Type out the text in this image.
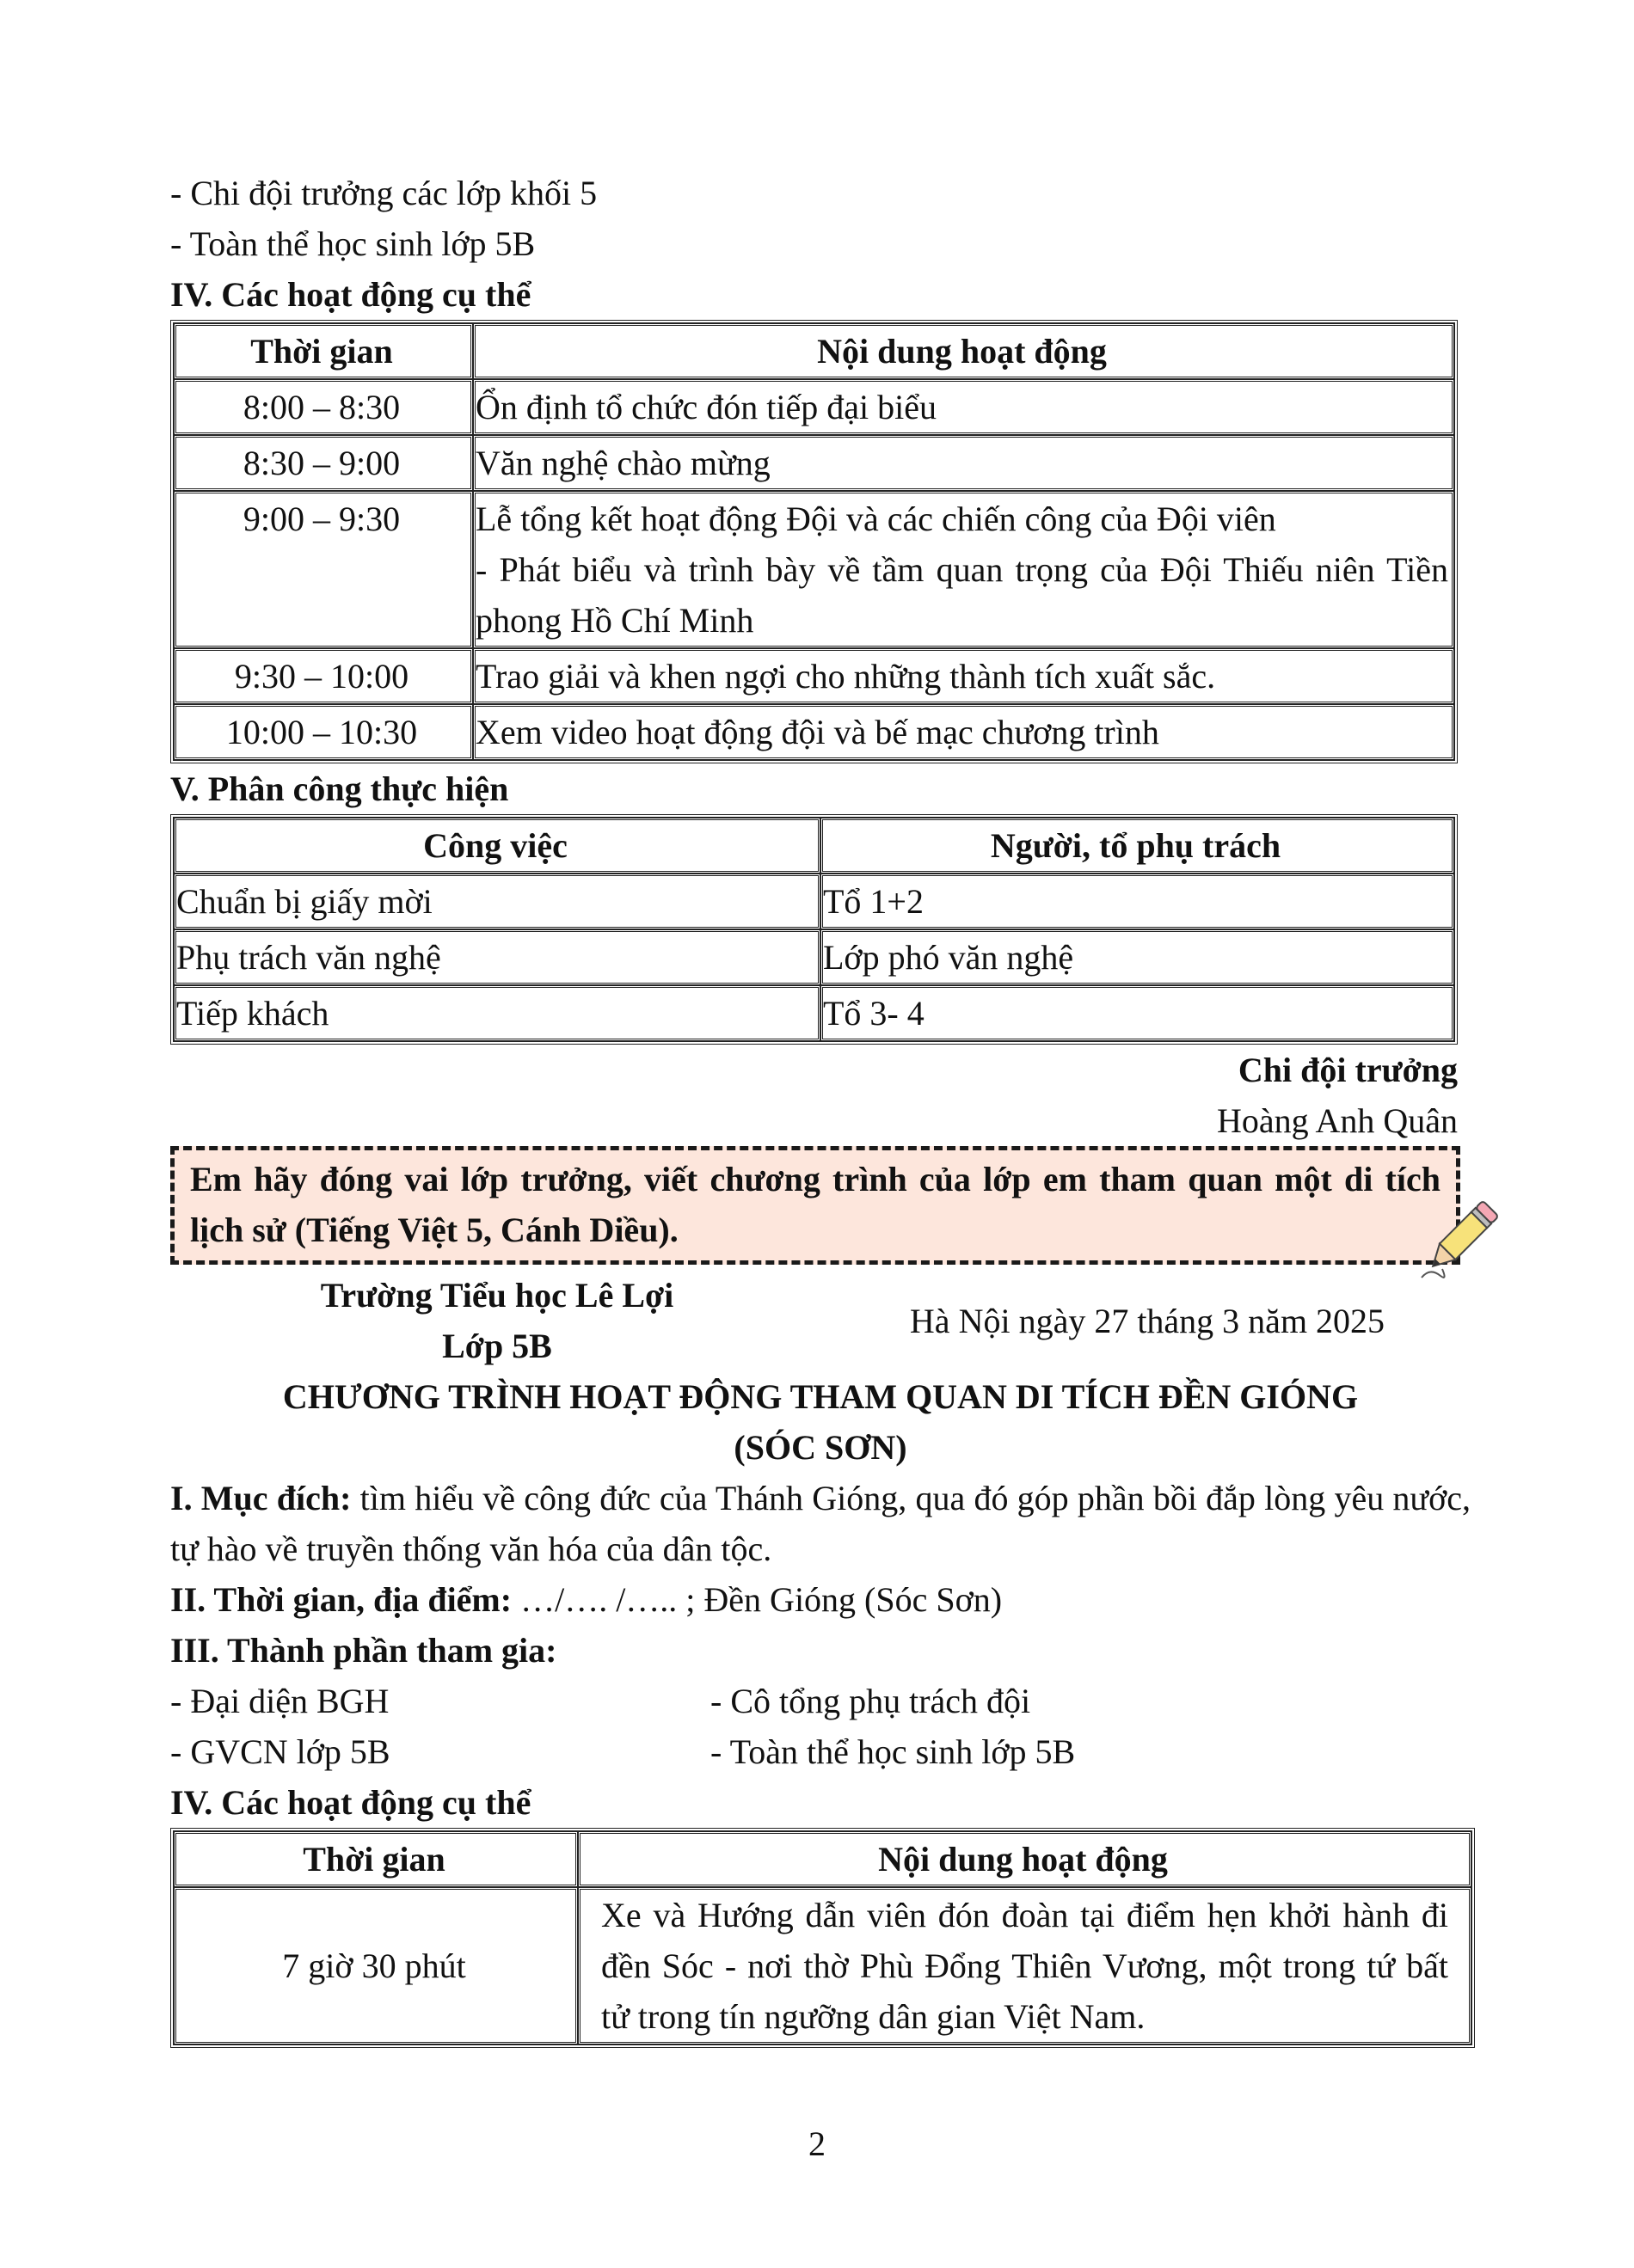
- Chi đội trưởng các lớp khối 5
- Toàn thể học sinh lớp 5B
IV. Các hoạt động cụ thể
Thời gian	Nội dung hoạt động
8:00 – 8:30	Ổn định tổ chức đón tiếp đại biểu
8:30 – 9:00	Văn nghệ chào mừng
9:00 – 9:30	Lễ tổng kết hoạt động Đội và các chiến công của Đội viên
- Phát biểu và trình bày về tầm quan trọng của Đội Thiếu niên Tiền phong Hồ Chí Minh

9:30 – 10:00	Trao giải và khen ngợi cho những thành tích xuất sắc.
10:00 – 10:30	Xem video hoạt động đội và bế mạc chương trình
V. Phân công thực hiện
Công việc	Người, tổ phụ trách
Chuẩn bị giấy mời	Tổ 1+2
Phụ trách văn nghệ	Lớp phó văn nghệ
Tiếp khách	Tổ 3- 4
Chi đội trưởng
Hoàng Anh Quân
Em hãy đóng vai lớp trưởng, viết chương trình của lớp em tham quan một di tích lịch sử (Tiếng Việt 5, Cánh Diều).
Trường Tiểu học Lê Lợi
Lớp 5B
Hà Nội ngày 27 tháng 3 năm 2025
CHƯƠNG TRÌNH HOẠT ĐỘNG THAM QUAN DI TÍCH ĐỀN GIÓNG (SÓC SƠN)
I. Mục đích: tìm hiểu về công đức của Thánh Gióng, qua đó góp phần bồi đắp lòng yêu nước, tự hào về truyền thống văn hóa của dân tộc.
II. Thời gian, địa điểm: …/…. /….. ; Đền Gióng (Sóc Sơn)
III. Thành phần tham gia:
- Đại diện BGH
- GVCN lớp 5B
- Cô tổng phụ trách đội
- Toàn thể học sinh lớp 5B
IV. Các hoạt động cụ thể
Thời gian	Nội dung hoạt động
7 giờ 30 phút	Xe và Hướng dẫn viên đón đoàn tại điểm hẹn khởi hành đi đền Sóc - nơi thờ Phù Đổng Thiên Vương, một trong tứ bất tử trong tín ngưỡng dân gian Việt Nam.
2
